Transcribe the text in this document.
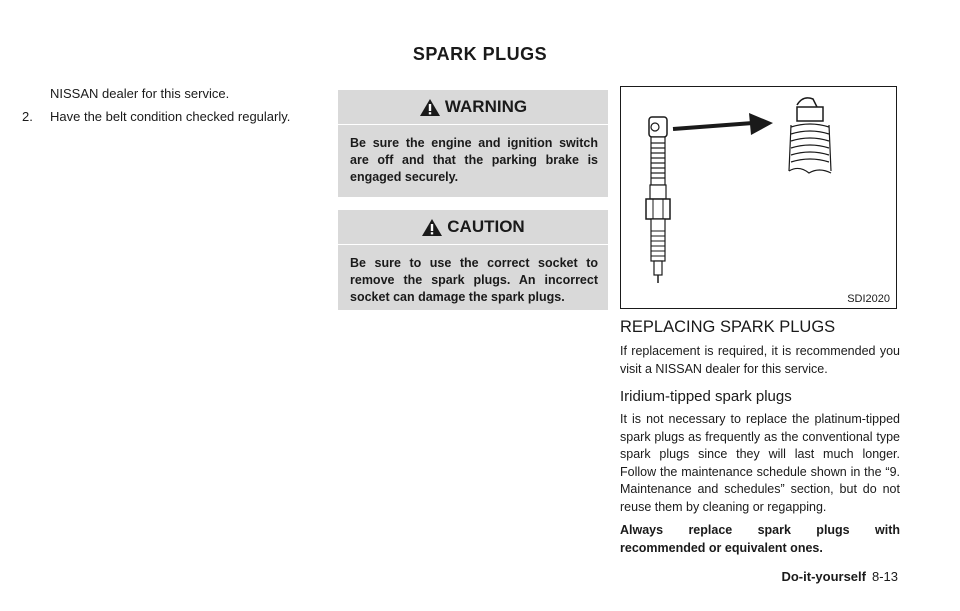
SPARK PLUGS

NISSAN dealer for this service.

2. Have the belt condition checked regularly.

WARNING
Be sure the engine and ignition switch are off and that the parking brake is engaged securely.
CAUTION
Be sure to use the correct socket to remove the spark plugs. An incorrect socket can damage the spark plugs.	SDI2020
REPLACING SPARK PLUGS

If replacement is required, it is recommended you visit a NISSAN dealer for this service.

Iridium-tipped spark plugs

It is not necessary to replace the platinum-tipped spark plugs as frequently as the conventional type spark plugs since they will last much longer. Follow the maintenance schedule shown in the “9. Maintenance and schedules” section, but do not reuse them by cleaning or regapping.

Always replace spark plugs with recommended or equivalent ones.

Do-it-yourself 8-13
